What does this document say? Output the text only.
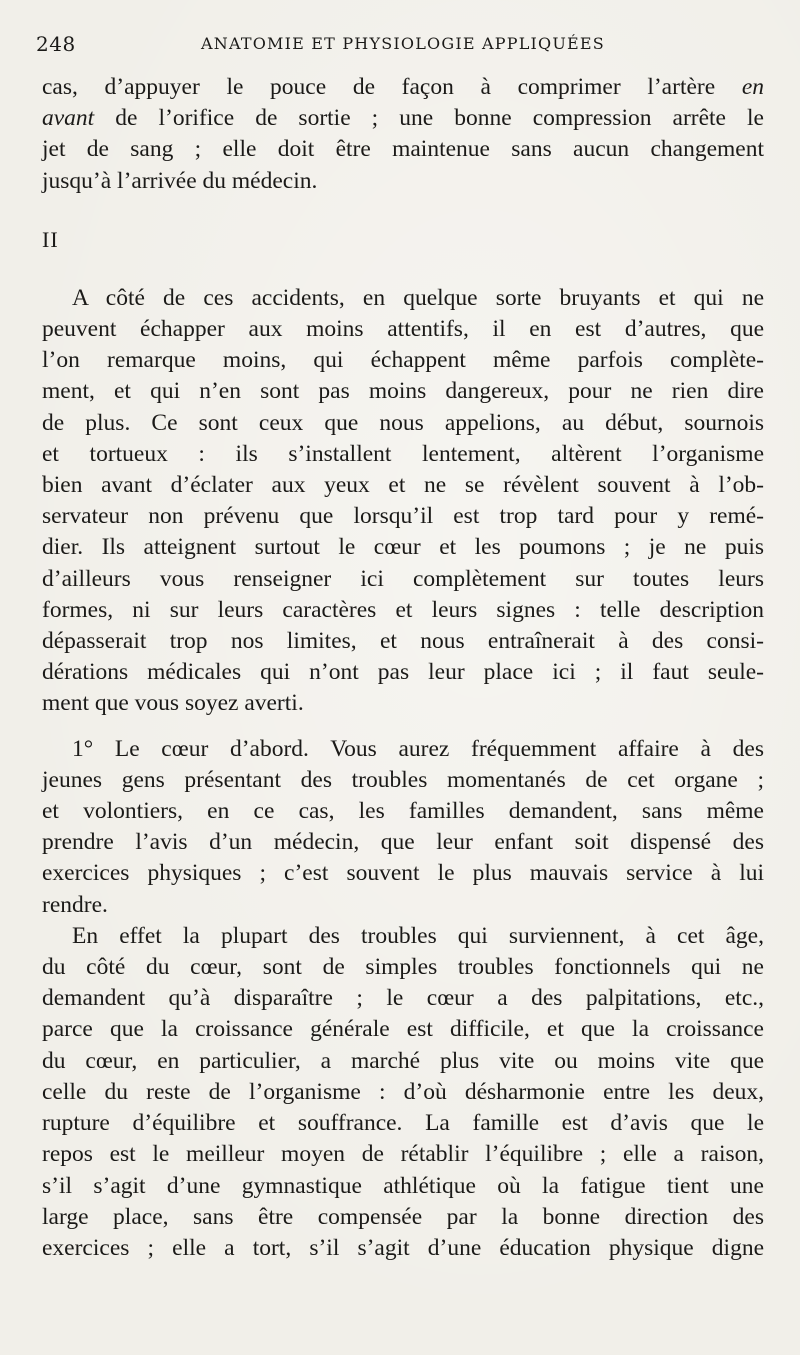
248	ANATOMIE ET PHYSIOLOGIE APPLIQUÉES

cas, d’appuyer le pouce de façon à comprimer l’artère en
avant de l’orifice de sortie ; une bonne compression arrête le
jet de sang ; elle doit être maintenue sans aucun changement
jusqu’à l’arrivée du médecin.

II

A côté de ces accidents, en quelque sorte bruyants et qui ne
peuvent échapper aux moins attentifs, il en est d’autres, que
l’on remarque moins, qui échappent même parfois complète-
ment, et qui n’en sont pas moins dangereux, pour ne rien dire
de plus. Ce sont ceux que nous appelions, au début, sournois
et tortueux : ils s’installent lentement, altèrent l’organisme
bien avant d’éclater aux yeux et ne se révèlent souvent à l’ob-
servateur non prévenu que lorsqu’il est trop tard pour y remé-
dier. Ils atteignent surtout le cœur et les poumons ; je ne puis
d’ailleurs vous renseigner ici complètement sur toutes leurs
formes, ni sur leurs caractères et leurs signes : telle description
dépasserait trop nos limites, et nous entraînerait à des consi-
dérations médicales qui n’ont pas leur place ici ; il faut seule-
ment que vous soyez averti.

1° Le cœur d’abord. Vous aurez fréquemment affaire à des
jeunes gens présentant des troubles momentanés de cet organe ;
et volontiers, en ce cas, les familles demandent, sans même
prendre l’avis d’un médecin, que leur enfant soit dispensé des
exercices physiques ; c’est souvent le plus mauvais service à lui
rendre.

En effet la plupart des troubles qui surviennent, à cet âge,
du côté du cœur, sont de simples troubles fonctionnels qui ne
demandent qu’à disparaître ; le cœur a des palpitations, etc.,
parce que la croissance générale est difficile, et que la croissance
du cœur, en particulier, a marché plus vite ou moins vite que
celle du reste de l’organisme : d’où désharmonie entre les deux,
rupture d’équilibre et souffrance. La famille est d’avis que le
repos est le meilleur moyen de rétablir l’équilibre ; elle a raison,
s’il s’agit d’une gymnastique athlétique où la fatigue tient une
large place, sans être compensée par la bonne direction des
exercices ; elle a tort, s’il s’agit d’une éducation physique digne
